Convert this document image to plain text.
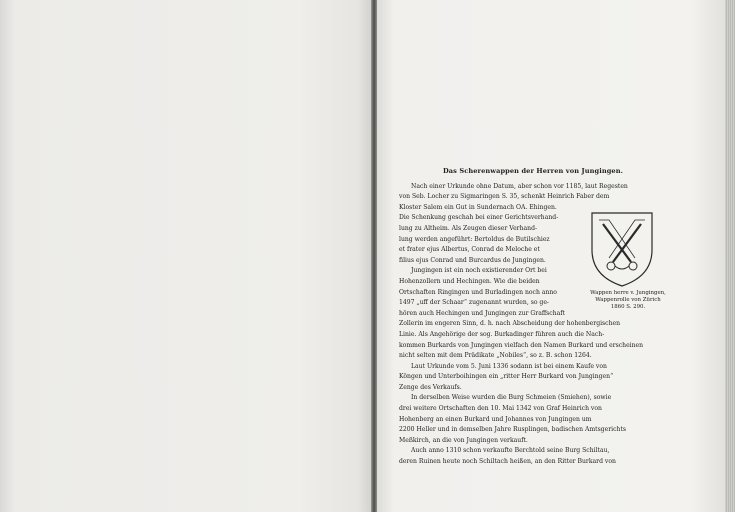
Das Scherenwappen der Herren von Jungingen.
Nach einer Urkunde ohne Datum, aber schon vor 1185, laut Regesten
von Seb. Locher zu Sigmaringen S. 35, schenkt Heinrich Faber dem
Kloster Salem ein Gut in Sundernach OA. Ehingen.
Die Schenkung geschah bei einer Gerichtsverhand-
lung zu Altheim. Als Zeugen dieser Verhand-
lung werden angeführt: Bertoldus de Butilschiez
et frater ejus Albertus, Conrad de Meloche et
filius ejus Conrad und Burcardus de Jungingen.
Jungingen ist ein noch existierender Ort bei
Hohenzollern und Hechingen. Wie die beiden
Ortschaften Ringingen und Burladingen noch anno
1497 „uff der Schaar“ zugenannt wurden, so ge-
hören auch Hechingen und Jungingen zur Graffschaft
Zollerin im engeren Sinn, d. h. nach Abscheidung der hohenbergischen
Linie. Als Angehörige der sog. Burkadinger führen auch die Nach-
kommen Burkards von Jungingen vielfach den Namen Burkard und erscheinen
nicht selten mit dem Prädikate „Nobiles“, so z. B. schon 1264.
Laut Urkunde vom 5. Juni 1336 sodann ist bei einem Kaufe von
Köngen und Unterboihingen ein „ritter Herr Burkard von Jungingen“
Zenge des Verkaufs.
In derselben Weise wurden die Burg Schmeien (Smiehen), sowie
drei weitere Ortschaften den 10. Mai 1342 von Graf Heinrich von
Hohenberg an einen Burkard und Johannes von Jungingen um
2200 Heller und in demselben Jahre Rusplingen, badischen Amtsgerichts
Meßkirch, an die von Jungingen verkauft.
Auch anno 1310 schon verkaufte Berchtold seine Burg Schiltau,
deren Ruinen heute noch Schiltach heißen, an den Ritter Burkard von
Wappen herre v. Jungingen,
Wappenrolle von Zürich
1860 S. 290.
